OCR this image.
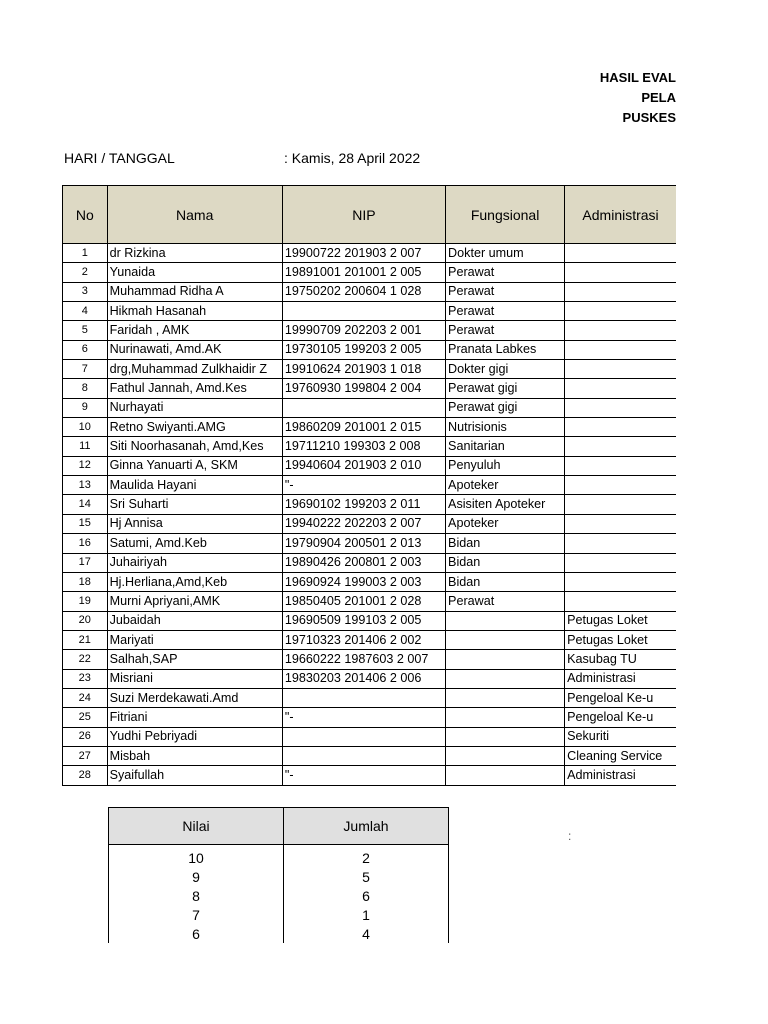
HASIL EVAL
PELA
PUSKES
HARI / TANGGAL	: Kamis, 28 April 2022
No	Nama	NIP	Fungsional	Administrasi
1	dr Rizkina	19900722 201903 2 007	Dokter umum	
2	Yunaida	19891001 201001 2 005	Perawat	
3	Muhammad Ridha A	19750202 200604 1 028	Perawat	
4	Hikmah Hasanah		Perawat	
5	Faridah , AMK	19990709 202203 2 001	Perawat	
6	Nurinawati, Amd.AK	19730105 199203 2 005	Pranata Labkes	
7	drg,Muhammad Zulkhaidir Z	19910624 201903 1 018	Dokter gigi	
8	Fathul Jannah, Amd.Kes	19760930 199804 2 004	Perawat gigi	
9	Nurhayati		Perawat gigi	
10	Retno Swiyanti.AMG	19860209 201001 2 015	Nutrisionis	
11	Siti Noorhasanah, Amd,Kes	19711210 199303 2 008	Sanitarian	
12	Ginna Yanuarti A, SKM	19940604 201903 2 010	Penyuluh	
13	Maulida Hayani	"-	Apoteker	
14	Sri Suharti	19690102 199203 2 011	Asisiten Apoteker	
15	Hj Annisa	19940222 202203 2 007	Apoteker	
16	Satumi, Amd.Keb	19790904 200501 2 013	Bidan	
17	Juhairiyah	19890426 200801 2 003	Bidan	
18	Hj.Herliana,Amd,Keb	19690924 199003 2 003	Bidan	
19	Murni Apriyani,AMK	19850405 201001 2 028	Perawat	
20	Jubaidah	19690509 199103 2 005		Petugas Loket
21	Mariyati	19710323 201406 2 002		Petugas Loket
22	Salhah,SAP	19660222 1987603 2 007		Kasubag TU
23	Misriani	19830203 201406 2 006		Administrasi
24	Suzi Merdekawati.Amd			Pengeloal Ke-u
25	Fitriani	"-		Pengeloal Ke-u
26	Yudhi Pebriyadi			Sekuriti
27	Misbah			Cleaning Service
28	Syaifullah	"-		Administrasi
Nilai	Jumlah
10	2
9	5
8	6
7	1
6	4
:
